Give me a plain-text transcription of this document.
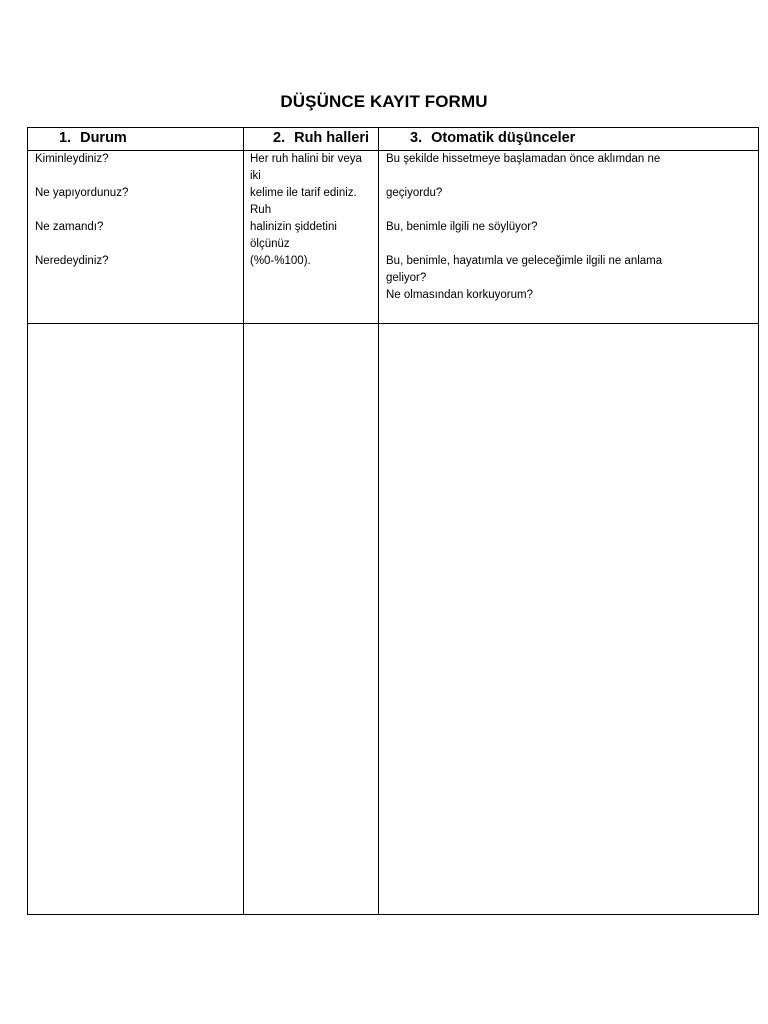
DÜŞÜNCE KAYIT FORMU
1. Durum	2. Ruh halleri	3. Otomatik düşünceler
Kiminleydiniz?
Ne yapıyordunuz?
Ne zamandı?
Neredeydiniz?
Her ruh halini bir veya
iki
kelime ile tarif ediniz.
Ruh
halinizin şiddetini
ölçünüz
(%0-%100).
Bu şekilde hissetmeye başlamadan önce aklımdan ne
geçiyordu?
Bu, benimle ilgili ne söylüyor?
Bu, benimle, hayatımla ve geleceğimle ilgili ne anlama
geliyor?
Ne olmasından korkuyorum?
